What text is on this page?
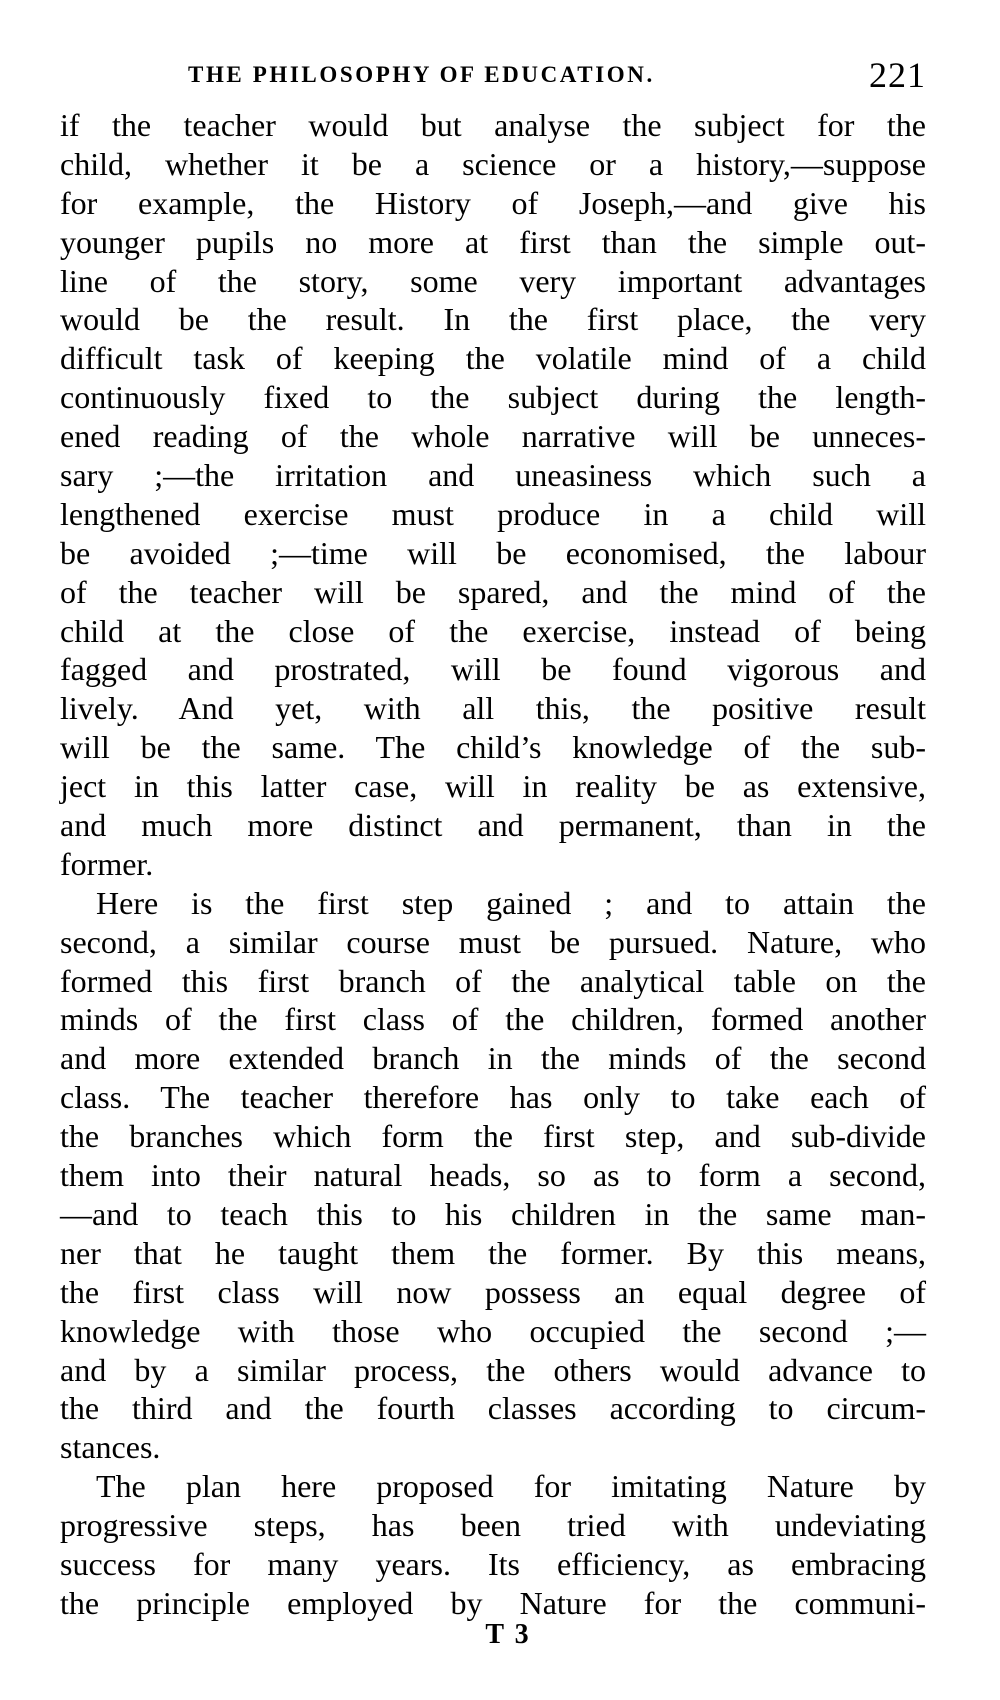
THE PHILOSOPHY OF EDUCATION.	221
if the teacher would but analyse the subject for the
child, whether it be a science or a history,—suppose
for example, the History of Joseph,—and give his
younger pupils no more at first than the simple out-
line of the story, some very important advantages
would be the result. In the first place, the very
difficult task of keeping the volatile mind of a child
continuously fixed to the subject during the length-
ened reading of the whole narrative will be unneces-
sary ;—the irritation and uneasiness which such a
lengthened exercise must produce in a child will
be avoided ;—time will be economised, the labour
of the teacher will be spared, and the mind of the
child at the close of the exercise, instead of being
fagged and prostrated, will be found vigorous and
lively. And yet, with all this, the positive result
will be the same. The child’s knowledge of the sub-
ject in this latter case, will in reality be as extensive,
and much more distinct and permanent, than in the
former.
Here is the first step gained ; and to attain the
second, a similar course must be pursued. Nature, who
formed this first branch of the analytical table on the
minds of the first class of the children, formed another
and more extended branch in the minds of the second
class. The teacher therefore has only to take each of
the branches which form the first step, and sub-divide
them into their natural heads, so as to form a second,
—and to teach this to his children in the same man-
ner that he taught them the former. By this means,
the first class will now possess an equal degree of
knowledge with those who occupied the second ;—
and by a similar process, the others would advance to
the third and the fourth classes according to circum-
stances.
The plan here proposed for imitating Nature by
progressive steps, has been tried with undeviating
success for many years. Its efficiency, as embracing
the principle employed by Nature for the communi-
T 3
